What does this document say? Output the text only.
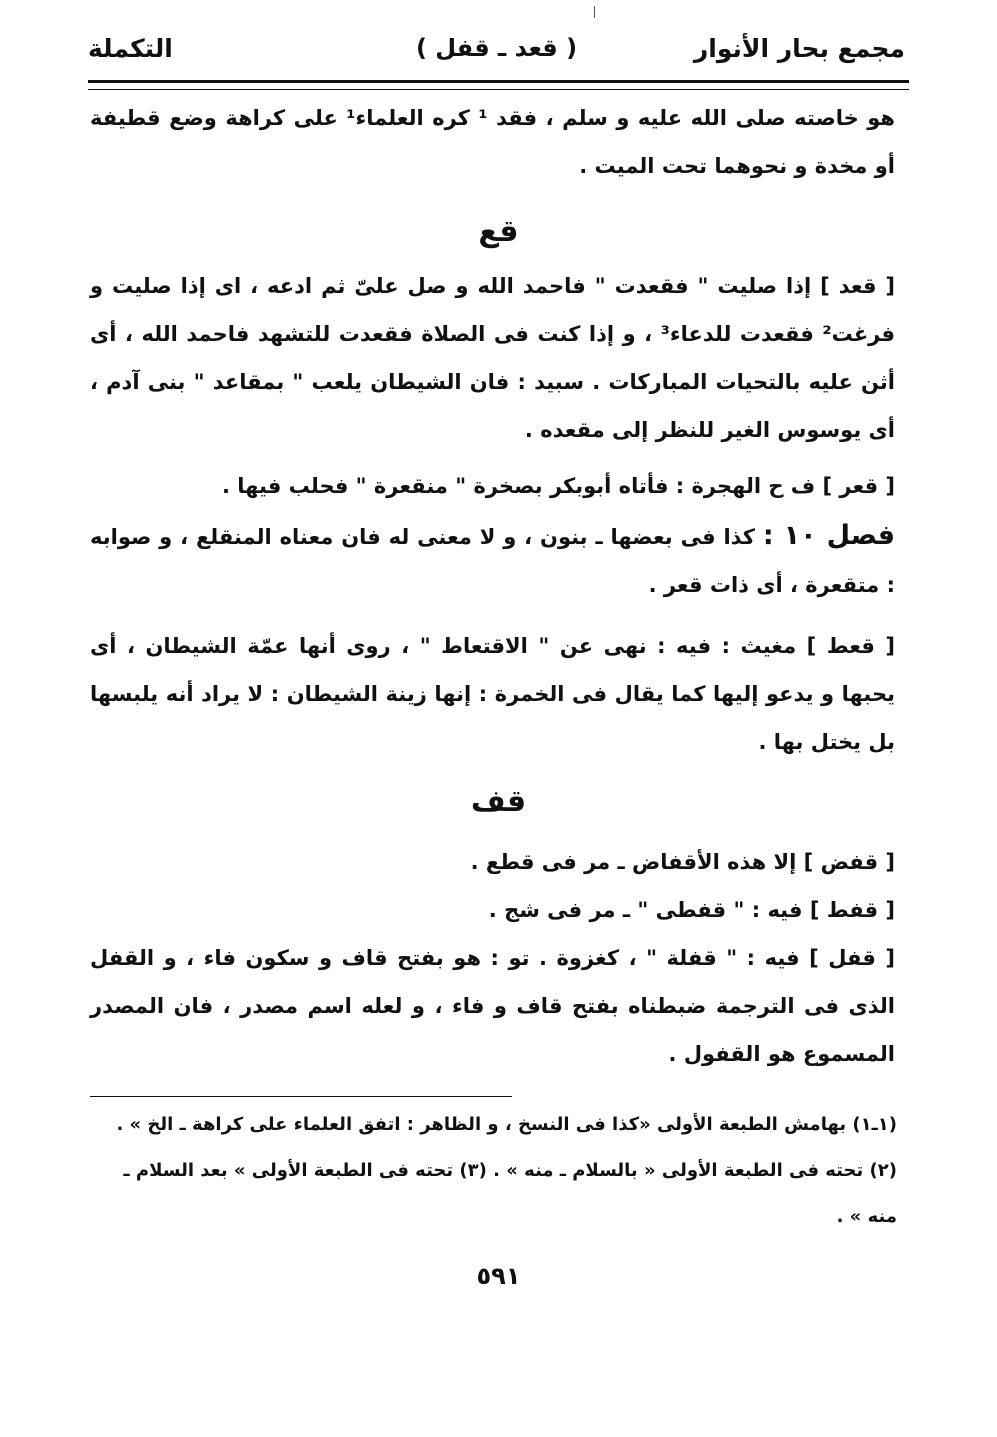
مجمع بحار الأنوار
( قعد ـ قفل )
التكملة
هو خاصته صلى الله عليه و سلم ، فقد ¹ كره العلماء¹ على كراهة وضع قطيفة أو مخدة و نحوهما تحت الميت .
قع
[ قعد ] إذا صليت " فقعدت " فاحمد الله و صل علىّ ثم ادعه ، اى إذا صليت و فرغت² فقعدت للدعاء³ ، و إذا كنت فى الصلاة فقعدت للتشهد فاحمد الله ، أى أثن عليه بالتحيات المباركات . سبيد : فان الشيطان يلعب " بمقاعد " بنى آدم ، أى يوسوس الغير للنظر إلى مقعده .
[ قعر ] ف ح الهجرة : فأتاه أبوبكر بصخرة " منقعرة " فحلب فيها .
فصل ١٠ : كذا فى بعضها ـ بنون ، و لا معنى له فان معناه المنقلع ، و صوابه : متقعرة ، أى ذات قعر .
[ قعط ] مغيث : فيه : نهى عن " الاقتعاط " ، روى أنها عمّة الشيطان ، أى يحبها و يدعو إليها كما يقال فى الخمرة : إنها زينة الشيطان : لا يراد أنه يلبسها بل يختل بها .
قف
[ قفض ] إلا هذه الأقفاض ـ مر فى قطع .
[ قفط ] فيه : " قفطى " ـ مر فى شج .
[ قفل ] فيه : " قفلة " ، كغزوة . تو : هو بفتح قاف و سكون فاء ، و القفل الذى فى الترجمة ضبطناه بفتح قاف و فاء ، و لعله اسم مصدر ، فان المصدر المسموع هو القفول .
(١ـ١) بهامش الطبعة الأولى «كذا فى النسخ ، و الظاهر : اتفق العلماء على كراهة ـ الخ » .
(٢) تحته فى الطبعة الأولى « بالسلام ـ منه » . (٣) تحته فى الطبعة الأولى » بعد السلام ـ منه » .
٥٩١
